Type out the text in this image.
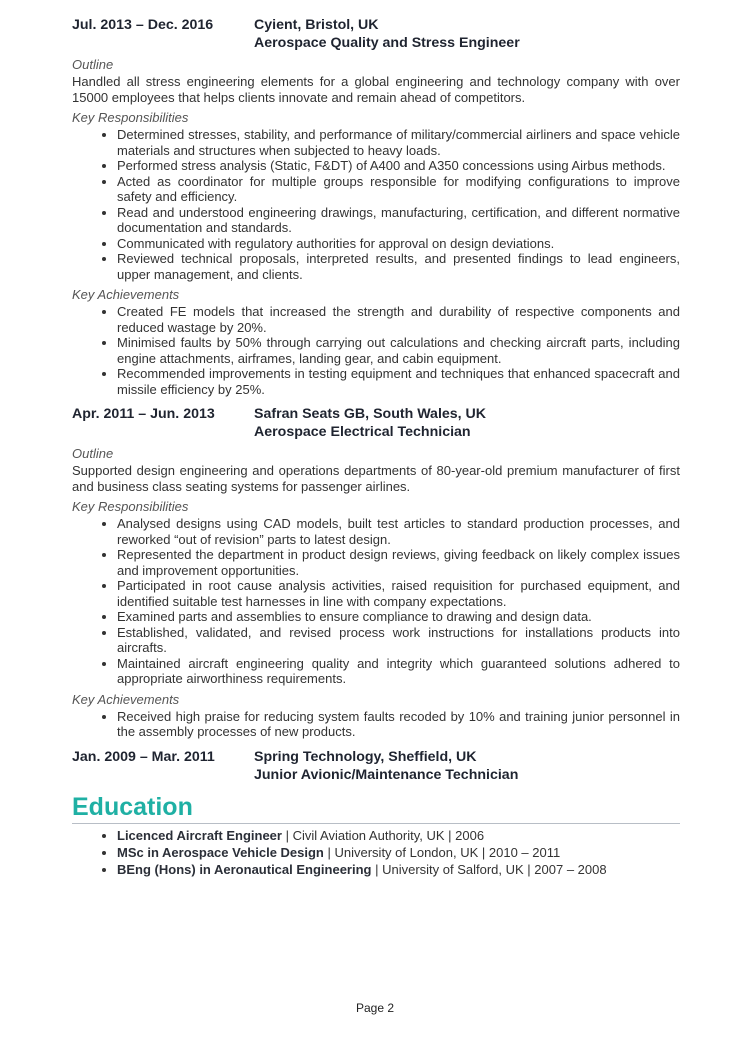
Jul. 2013 – Dec. 2016	Cyient, Bristol, UK
Aerospace Quality and Stress Engineer
Outline
Handled all stress engineering elements for a global engineering and technology company with over 15000 employees that helps clients innovate and remain ahead of competitors.
Key Responsibilities
• Determined stresses, stability, and performance of military/commercial airliners and space vehicle materials and structures when subjected to heavy loads.
• Performed stress analysis (Static, F&DT) of A400 and A350 concessions using Airbus methods.
• Acted as coordinator for multiple groups responsible for modifying configurations to improve safety and efficiency.
• Read and understood engineering drawings, manufacturing, certification, and different normative documentation and standards.
• Communicated with regulatory authorities for approval on design deviations.
• Reviewed technical proposals, interpreted results, and presented findings to lead engineers, upper management, and clients.
Key Achievements
• Created FE models that increased the strength and durability of respective components and reduced wastage by 20%.
• Minimised faults by 50% through carrying out calculations and checking aircraft parts, including engine attachments, airframes, landing gear, and cabin equipment.
• Recommended improvements in testing equipment and techniques that enhanced spacecraft and missile efficiency by 25%.
Apr. 2011 – Jun. 2013	Safran Seats GB, South Wales, UK
Aerospace Electrical Technician
Outline
Supported design engineering and operations departments of 80-year-old premium manufacturer of first and business class seating systems for passenger airlines.
Key Responsibilities
• Analysed designs using CAD models, built test articles to standard production processes, and reworked “out of revision” parts to latest design.
• Represented the department in product design reviews, giving feedback on likely complex issues and improvement opportunities.
• Participated in root cause analysis activities, raised requisition for purchased equipment, and identified suitable test harnesses in line with company expectations.
• Examined parts and assemblies to ensure compliance to drawing and design data.
• Established, validated, and revised process work instructions for installations products into aircrafts.
• Maintained aircraft engineering quality and integrity which guaranteed solutions adhered to appropriate airworthiness requirements.
Key Achievements
• Received high praise for reducing system faults recoded by 10% and training junior personnel in the assembly processes of new products.
Jan. 2009 – Mar. 2011	Spring Technology, Sheffield, UK
Junior Avionic/Maintenance Technician
Education
• Licenced Aircraft Engineer | Civil Aviation Authority, UK | 2006
• MSc in Aerospace Vehicle Design | University of London, UK | 2010 – 2011
• BEng (Hons) in Aeronautical Engineering | University of Salford, UK | 2007 – 2008
Page 2
